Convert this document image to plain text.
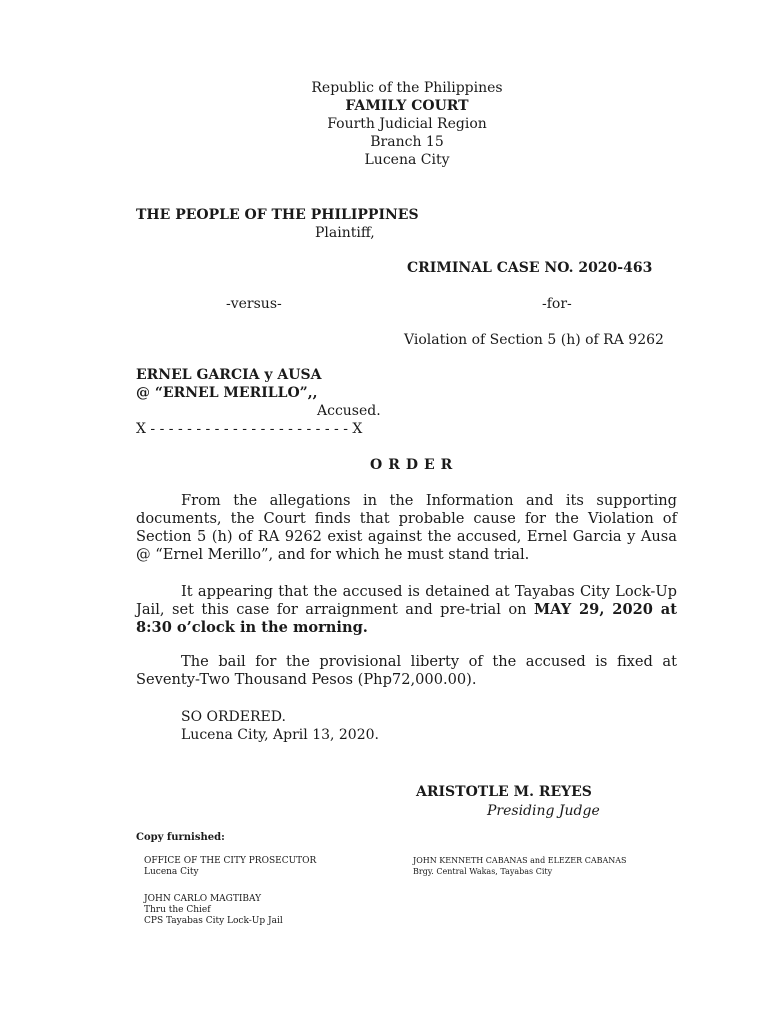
Republic of the Philippines
FAMILY COURT
Fourth Judicial Region
Branch 15
Lucena City
THE PEOPLE OF THE PHILIPPINES
Plaintiff,
CRIMINAL CASE NO. 2020-463
-versus-	-for-
Violation of Section 5 (h) of RA 9262
ERNEL GARCIA y AUSA
@ “ERNEL MERILLO”,,
Accused.
X - - - - - - - - - - - - - - - - - - - - - - X
ORDER
From the allegations in the Information and its supporting documents, the Court finds that probable cause for the Violation of Section 5 (h) of RA 9262 exist against the accused, Ernel Garcia y Ausa @ “Ernel Merillo”, and for which he must stand trial.
It appearing that the accused is detained at Tayabas City Lock-Up Jail, set this case for arraignment and pre-trial on MAY 29, 2020 at 8:30 o’clock in the morning.
The bail for the provisional liberty of the accused is fixed at Seventy-Two Thousand Pesos (Php72,000.00).
SO ORDERED.
Lucena City, April 13, 2020.
ARISTOTLE M. REYES
Presiding Judge
Copy furnished:
OFFICE OF THE CITY PROSECUTOR
Lucena City
JOHN KENNETH CABANAS and ELEZER CABANAS
Brgy. Central Wakas, Tayabas City
JOHN CARLO MAGTIBAY
Thru the Chief
CPS Tayabas City Lock-Up Jail
